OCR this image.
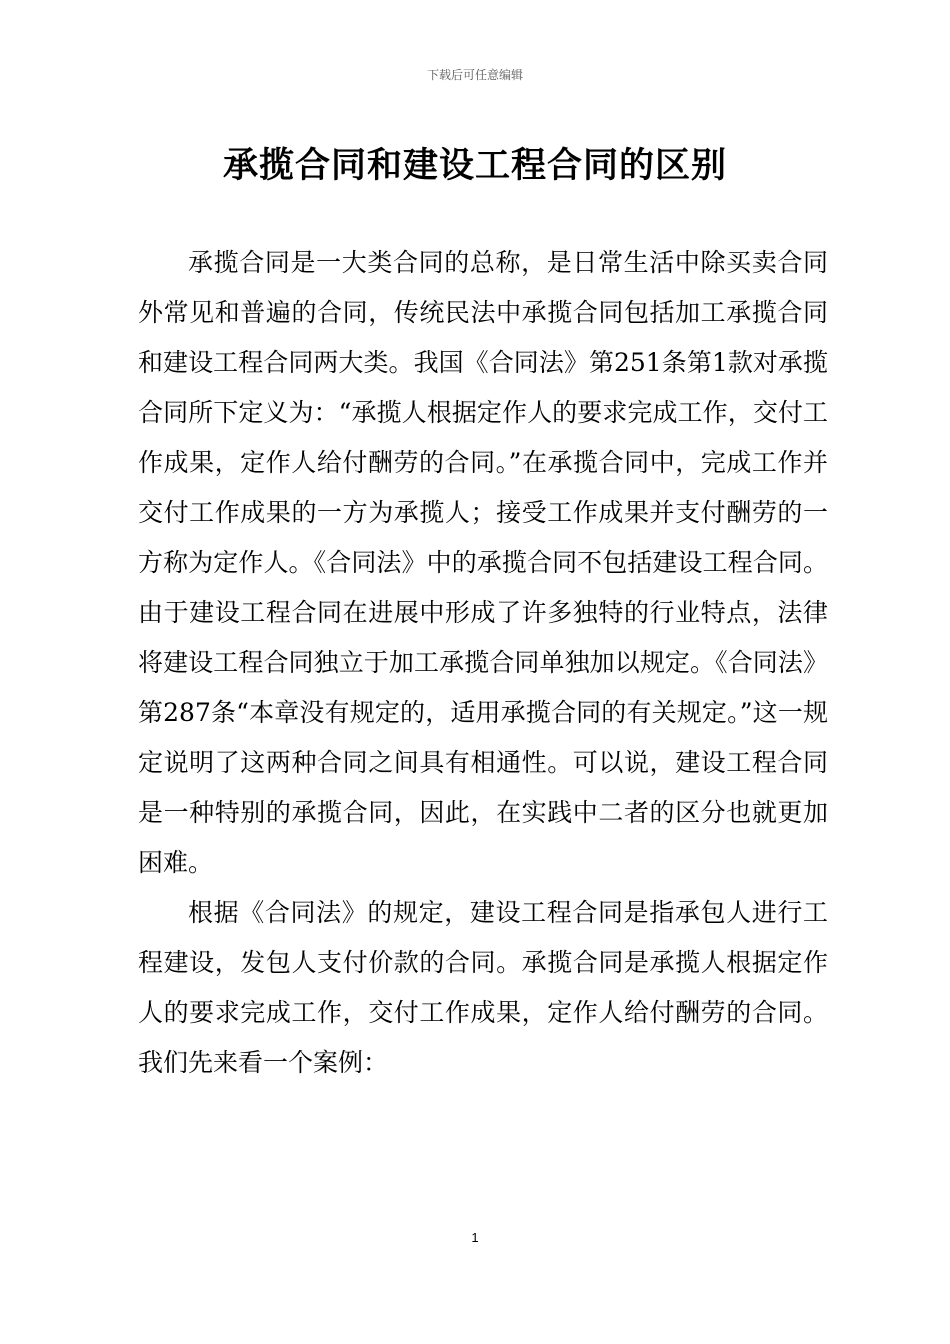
下载后可任意编辑
承揽合同和建设工程合同的区别

承揽合同是一大类合同的总称，是日常生活中除买卖合同外常见和普遍的合同，传统民法中承揽合同包括加工承揽合同和建设工程合同两大类。我国《合同法》第251条第1款对承揽合同所下定义为：“承揽人根据定作人的要求完成工作，交付工作成果，定作人给付酬劳的合同。”在承揽合同中，完成工作并交付工作成果的一方为承揽人；接受工作成果并支付酬劳的一方称为定作人。《合同法》中的承揽合同不包括建设工程合同。由于建设工程合同在进展中形成了许多独特的行业特点，法律将建设工程合同独立于加工承揽合同单独加以规定。《合同法》第287条“本章没有规定的，适用承揽合同的有关规定。”这一规定说明了这两种合同之间具有相通性。可以说，建设工程合同是一种特别的承揽合同，因此，在实践中二者的区分也就更加困难。

根据《合同法》的规定，建设工程合同是指承包人进行工程建设，发包人支付价款的合同。承揽合同是承揽人根据定作人的要求完成工作，交付工作成果，定作人给付酬劳的合同。我们先来看一个案例：

1
